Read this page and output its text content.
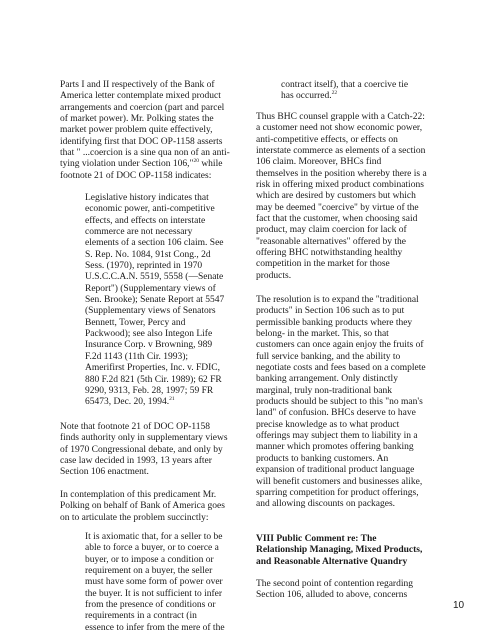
Parts I and II respectively of the Bank of

America letter contemplate mixed product

arrangements and coercion (part and parcel

of market power). Mr. Polking states the

market power problem quite effectively,

identifying first that DOC OP-1158 asserts

that " ...coercion is a sine qua non of an anti-

tying violation under Section 106,"$^{20}$ while

footnote 21 of DOC OP-1158 indicates:

Legislative history indicates that

economic power, anti-competitive

effects, and effects on interstate

commerce are not necessary

elements of a section 106 claim. See

S. Rep. No. 1084, 91st Cong., 2d

Sess. (1970), reprinted in 1970

U.S.C.C.A.N. 5519, 5558 (—Senate

Report") (Supplementary views of

Sen. Brooke); Senate Report at 5547

(Supplementary views of Senators

Bennett, Tower, Percy and

Packwood); see also Integon Life

Insurance Corp. v Browning, 989

F.2d 1143 (11th Cir. 1993);

Amerifirst Properties, Inc. v. FDIC,

880 F.2d 821 (5th Cir. 1989); 62 FR

9290, 9313, Feb. 28, 1997; 59 FR

65473, Dec. 20, 1994.21

Note that footnote 21 of DOC OP-1158

finds authority only in supplementary views

of 1970 Congressional debate, and only by

case law decided in 1993, 13 years after

Section 106 enactment.

In contemplation of this predicament Mr.

Polking on behalf of Bank of America goes

on to articulate the problem succinctly:

It is axiomatic that, for a seller to be

able to force a buyer, or to coerce a

buyer, or to impose a condition or

requirement on a buyer, the seller

must have some form of power over

the buyer. It is not sufficient to infer

from the presence of conditions or

requirements in a contract (in

essence to infer from the mere of the

contract itself), that a coercive tie

has occurred.$^{22}$

Thus BHC counsel grapple with a Catch-22:

a customer need not show economic power,

anti-competitive effects, or effects on

interstate commerce as elements of a section

106 claim. Moreover, BHCs find

themselves in the position whereby there is a

risk in offering mixed product combinations

which are desired by customers but which

may be deemed "coercive" by virtue of the

fact that the customer, when choosing said

product, may claim coercion for lack of

"reasonable alternatives" offered by the

offering BHC notwithstanding healthy

competition in the market for those

products.

The resolution is to expand the "traditional

products" in Section 106 such as to put

permissible banking products where they

belong- in the market. This, so that

customers can once again enjoy the fruits of

full service banking, and the ability to

negotiate costs and fees based on a complete

banking arrangement. Only distinctly

marginal, truly non-traditional bank

products should be subject to this "no man's

land" of confusion. BHCs deserve to have

precise knowledge as to what product

offerings may subject them to liability in a

manner which promotes offering banking

products to banking customers. An

expansion of traditional product language

will benefit customers and businesses alike,

sparring competition for product offerings,

and allowing discounts on packages.

VIII Public Comment re: The

Relationship Managing, Mixed Products,

and Reasonable Alternative Quandry

The second point of contention regarding

Section 106, alluded to above, concerns

10
